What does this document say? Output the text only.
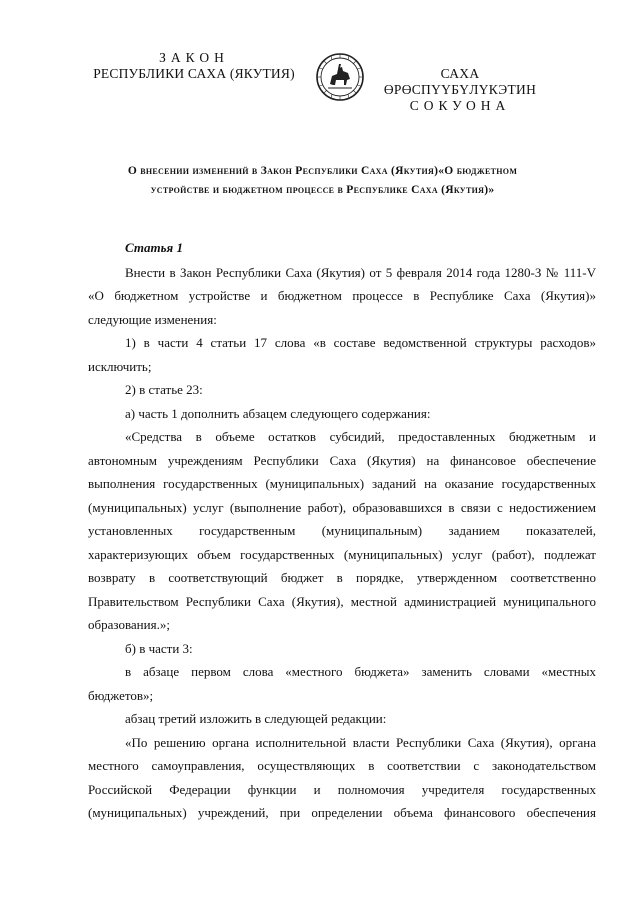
ЗАКОН
РЕСПУБЛИКИ САХА (ЯКУТИЯ)	САХА ӨРӨСПҮҮБҮЛҮКЭТИН
СОКУОНА
О внесении изменений в Закон Республики Саха (Якутия)«О бюджетном
устройстве и бюджетном процессе в Республике Саха (Якутия)»
Статья 1

Внести в Закон Республики Саха (Якутия) от 5 февраля 2014 года 1280-З № 111-V

«О бюджетном устройстве и бюджетном процессе в Республике Саха (Якутия)»

следующие изменения:

1) в части 4 статьи 17 слова «в составе ведомственной структуры расходов»

исключить;

2) в статье 23:

а) часть 1 дополнить абзацем следующего содержания:

«Средства в объеме остатков субсидий, предоставленных бюджетным и

автономным учреждениям Республики Саха (Якутия) на финансовое обеспечение

выполнения государственных (муниципальных) заданий на оказание государственных

(муниципальных) услуг (выполнение работ), образовавшихся в связи с недостижением

установленных государственным (муниципальным) заданием показателей,

характеризующих объем государственных (муниципальных) услуг (работ), подлежат

возврату в соответствующий бюджет в порядке, утвержденном соответственно

Правительством Республики Саха (Якутия), местной администрацией муниципального

образования.»;

б) в части 3:

в абзаце первом слова «местного бюджета» заменить словами «местных

бюджетов»;

абзац третий изложить в следующей редакции:

«По решению органа исполнительной власти Республики Саха (Якутия), органа

местного самоуправления, осуществляющих в соответствии с законодательством

Российской Федерации функции и полномочия учредителя государственных

(муниципальных) учреждений, при определении объема финансового обеспечения
